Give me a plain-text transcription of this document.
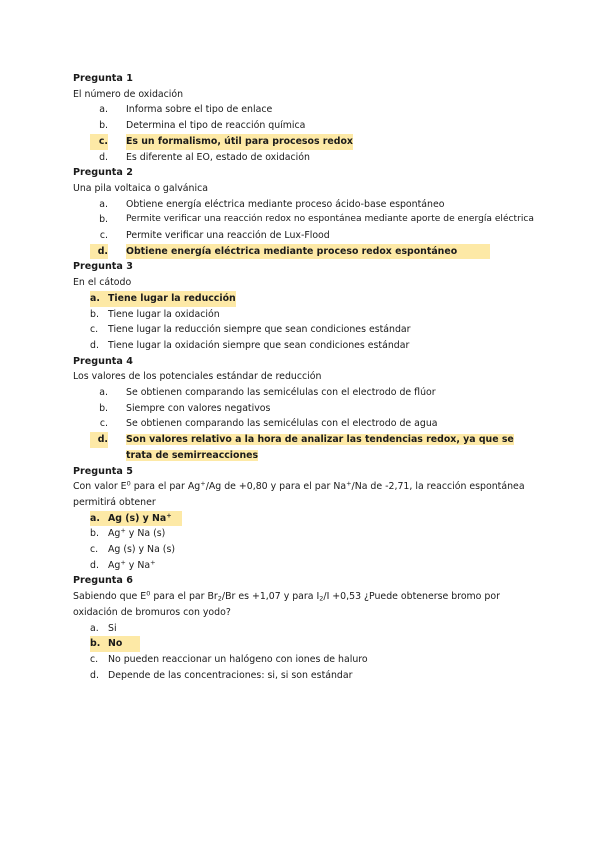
Pregunta 1
El número de oxidación
a. Informa sobre el tipo de enlace
b. Determina el tipo de reacción química
c. Es un formalismo, útil para procesos redox
d. Es diferente al EO, estado de oxidación
Pregunta 2
Una pila voltaica o galvánica
a. Obtiene energía eléctrica mediante proceso ácido-base espontáneo
b. Permite verificar una reacción redox no espontánea mediante aporte de energía eléctrica
c. Permite verificar una reacción de Lux-Flood
d. Obtiene energía eléctrica mediante proceso redox espontáneo
Pregunta 3
En el cátodo
a. Tiene lugar la reducción
b. Tiene lugar la oxidación
c.	Tiene lugar la reducción siempre que sean condiciones estándar
d. Tiene lugar la oxidación siempre que sean condiciones estándar
Pregunta 4
Los valores de los potenciales estándar de reducción
a. Se obtienen comparando las semicélulas con el electrodo de flúor
b. Siempre con valores negativos
c. Se obtienen comparando las semicélulas con el electrodo de agua
d. Son valores relativo a la hora de analizar las tendencias redox, ya que se trata de semirreacciones
Pregunta 5
Con valor $E^0$ para el par Ag+/Ag de +0,80 y para el par Na+/Na de -2,71, la reacción espontánea permitirá obtener
a. Ag (s) y Na+
b. Ag+ y Na (s)
c.	Ag (s) y Na (s)
d. Ag+ y Na+
Pregunta 6
Sabiendo que $E^0$ para el par $Br_2/Br$ es +1,07 y para $I_2/I +0,53$ ¿Puede obtenerse bromo por oxidación de bromuros con yodo?
a. Si
b. No
c.	No pueden reaccionar un halógeno con iones de haluro
d. Depende de las concentraciones: si, si son estándar
